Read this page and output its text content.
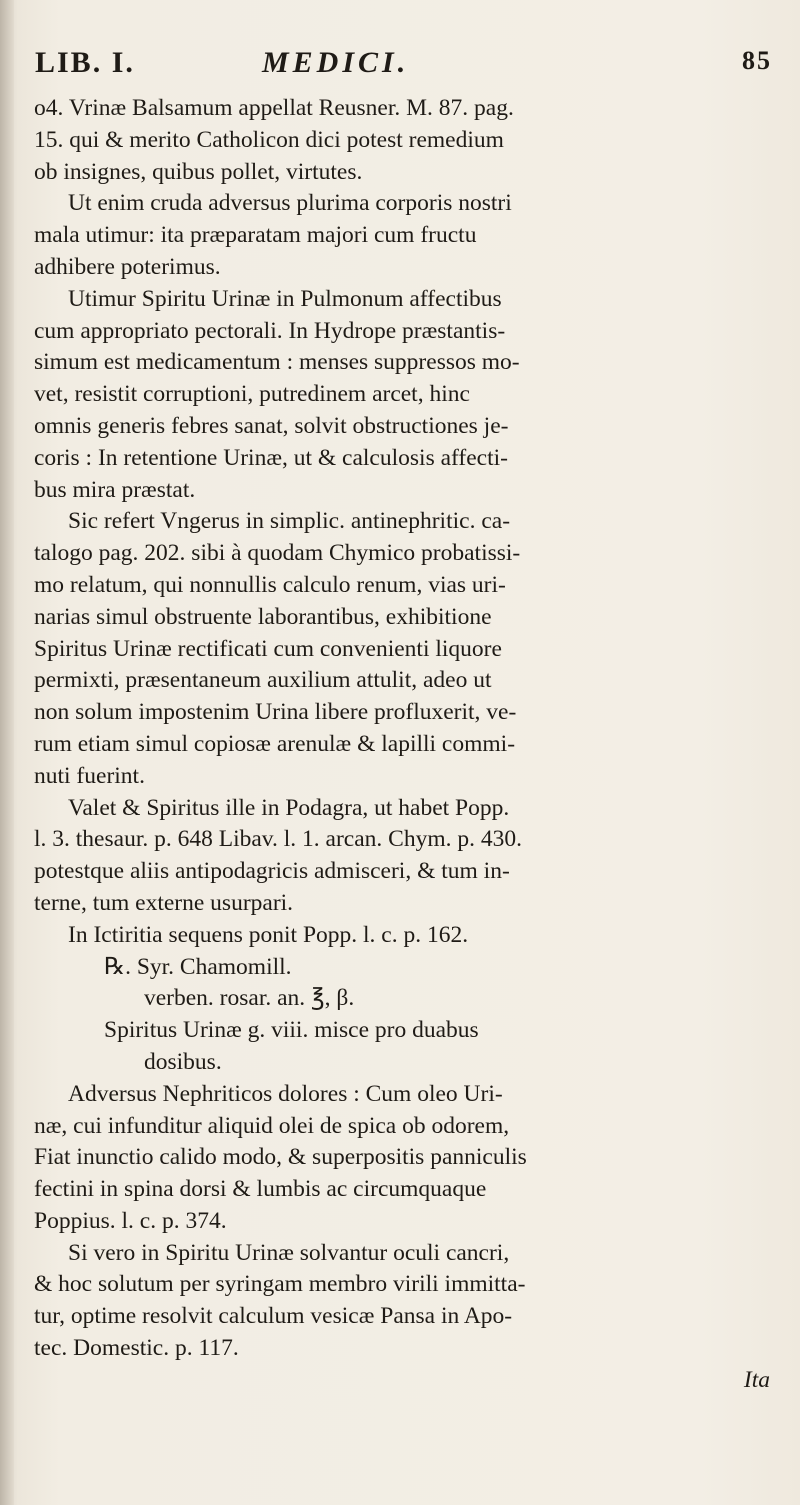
LIB. I.	MEDICI.	85
o4. Vrinæ Balsamum appellat Reusner. M. 87. pag.
15. qui & merito Catholicon dici potest remedium
ob insignes, quibus pollet, virtutes.
Ut enim cruda adversus plurima corporis nostri
mala utimur: ita præparatam majori cum fructu
adhibere poterimus.
Utimur Spiritu Urinæ in Pulmonum affectibus
cum appropriato pectorali. In Hydrope præstantis-
simum est medicamentum : menses suppressos mo-
vet, resistit corruptioni, putredinem arcet, hinc
omnis generis febres sanat, solvit obstructiones je-
coris : In retentione Urinæ, ut & calculosis affecti-
bus mira præstat.
Sic refert Vngerus in simplic. antinephritic. ca-
talogo pag. 202. sibi à quodam Chymico probatissi-
mo relatum, qui nonnullis calculo renum, vias uri-
narias simul obstruente laborantibus, exhibitione
Spiritus Urinæ rectificati cum convenienti liquore
permixti, præsentaneum auxilium attulit, adeo ut
non solum impostenim Urina libere profluxerit, ve-
rum etiam simul copiosæ arenulæ & lapilli commi-
nuti fuerint.
Valet & Spiritus ille in Podagra, ut habet Popp.
l. 3. thesaur. p. 648 Libav. l. 1. arcan. Chym. p. 430.
potestque aliis antipodagricis admisceri, & tum in-
terne, tum externe usurpari.
In Ictiritia sequens ponit Popp. l. c. p. 162.
℞. Syr. Chamomill.
verben. rosar. an. ℥, β.
Spiritus Urinæ g. viii. misce pro duabus
dosibus.
Adversus Nephriticos dolores : Cum oleo Uri-
næ, cui infunditur aliquid olei de spica ob odorem,
Fiat inunctio calido modo, & superpositis panniculis
fectini in spina dorsi & lumbis ac circumquaque
Poppius. l. c. p. 374.
Si vero in Spiritu Urinæ solvantur oculi cancri,
& hoc solutum per syringam membro virili immitta-
tur, optime resolvit calculum vesicæ Pansa in Apo-
tec. Domestic. p. 117.
Ita
